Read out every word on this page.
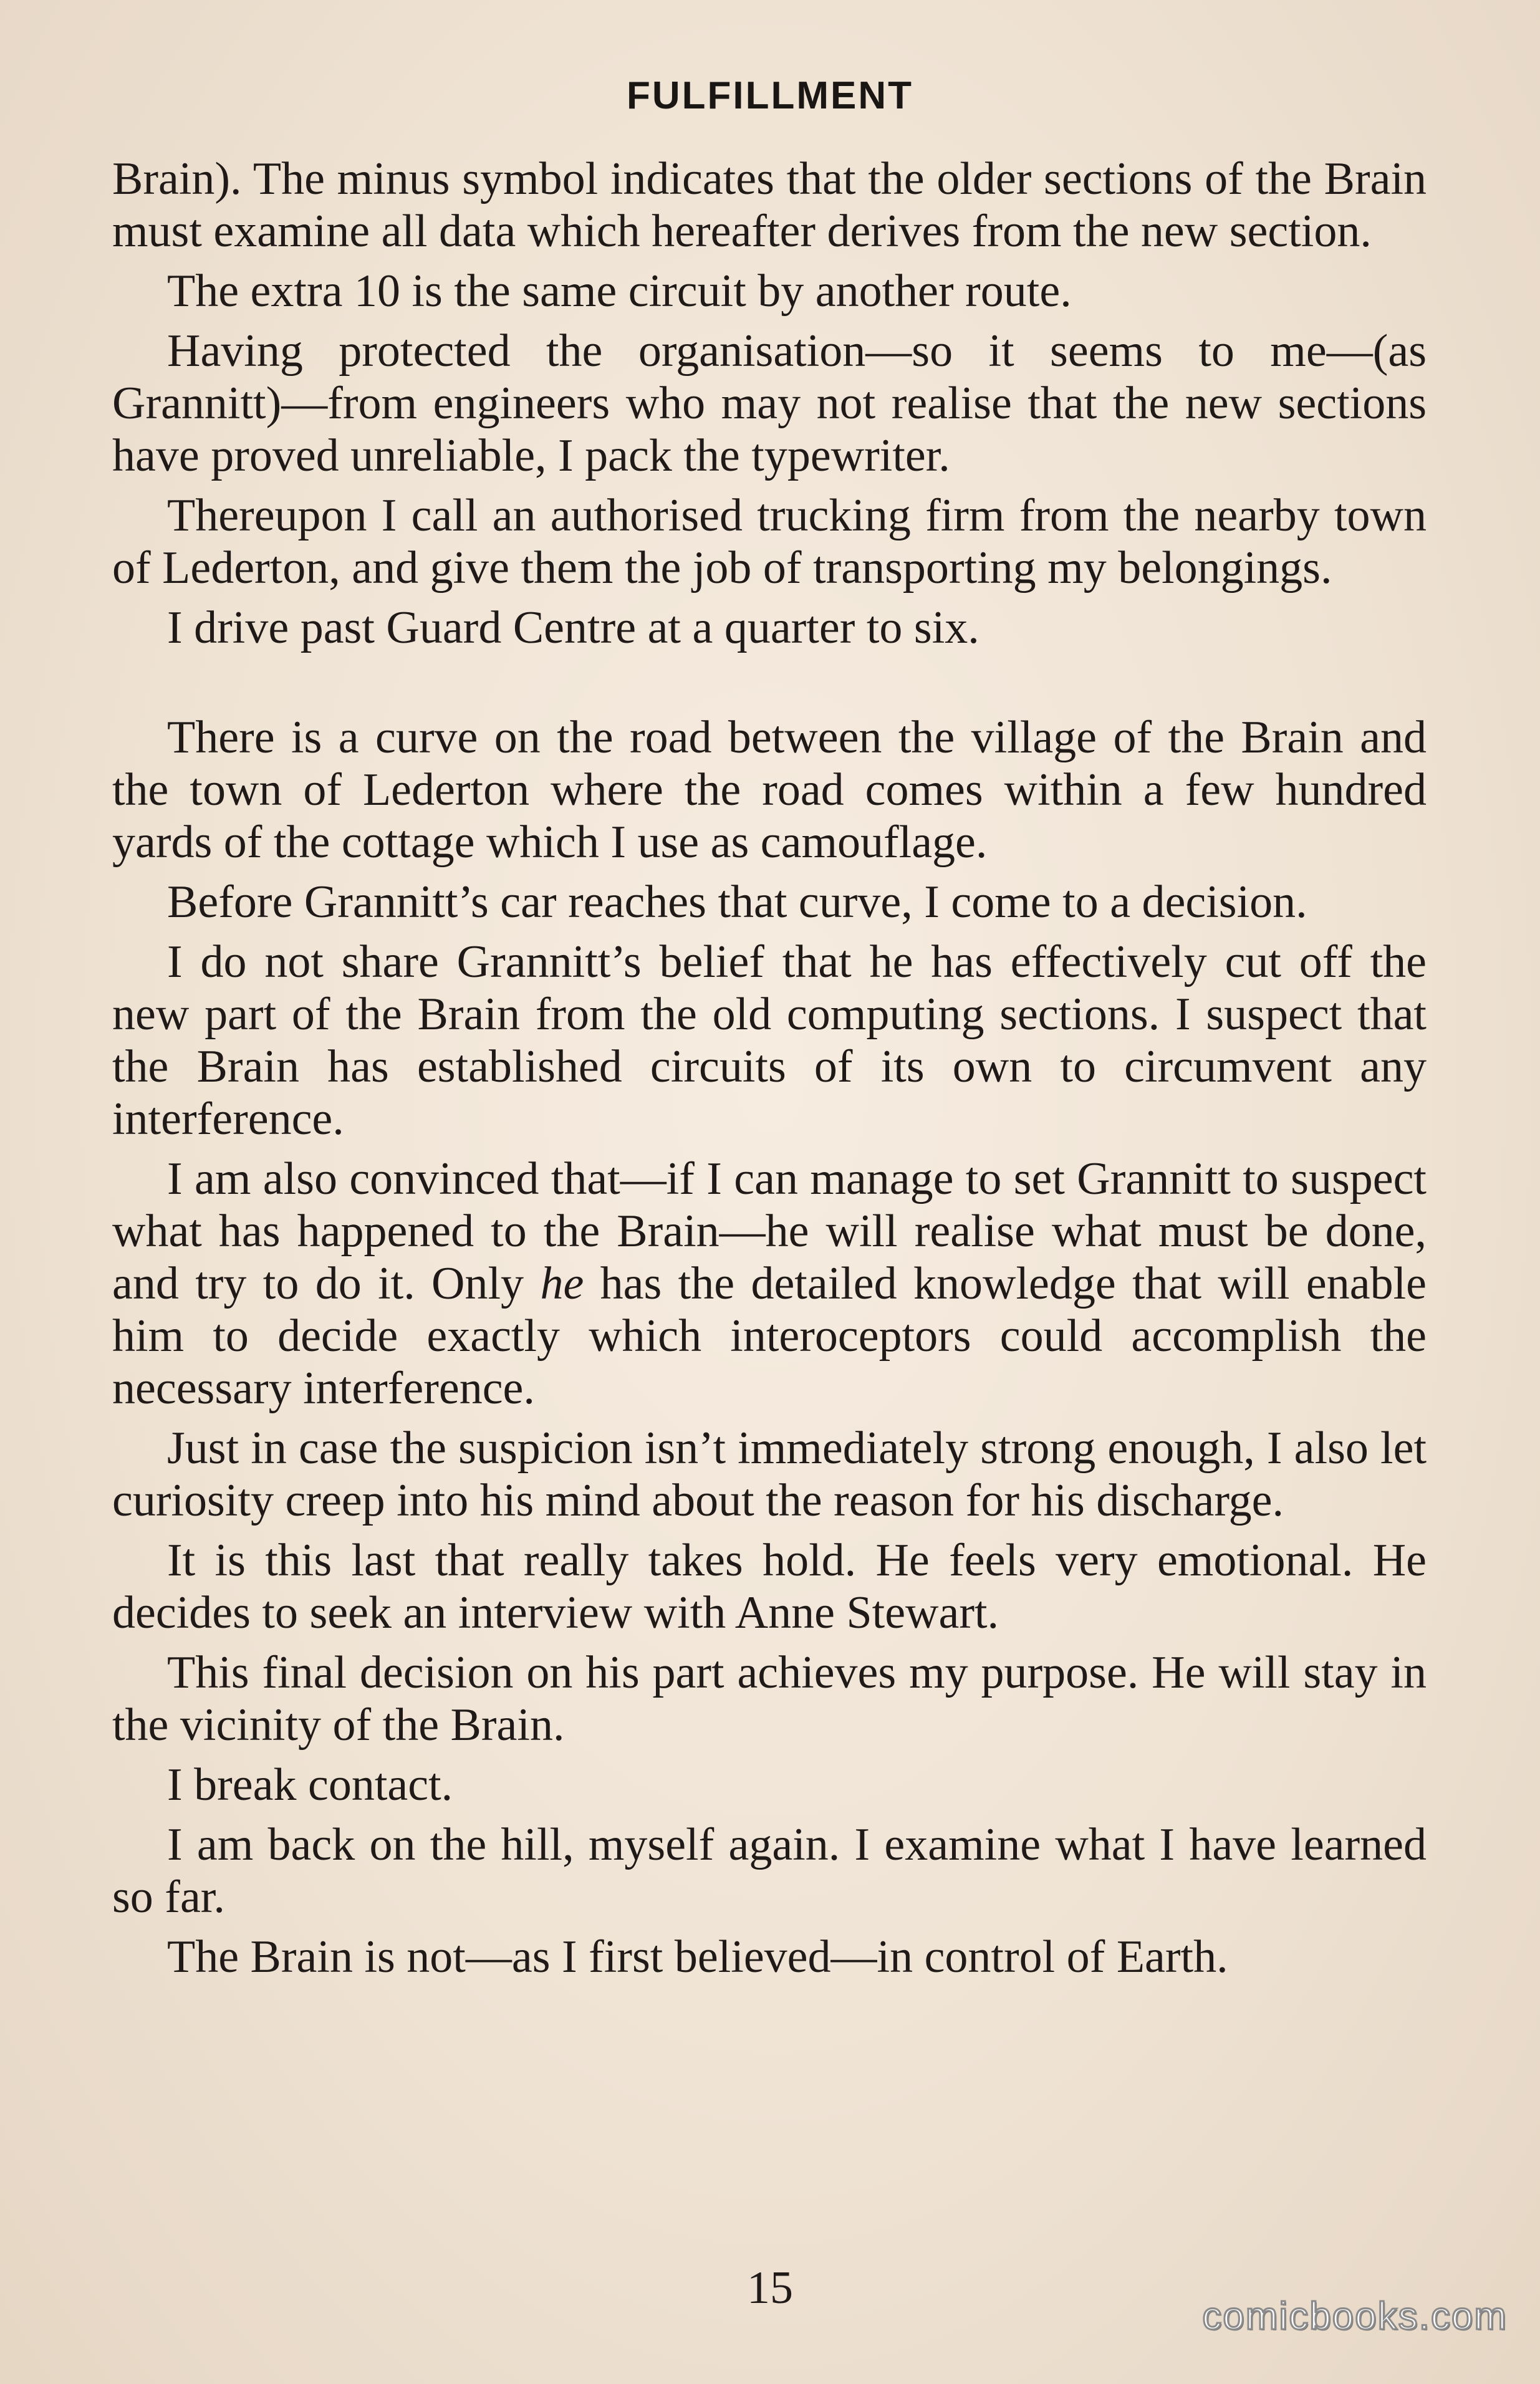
FULFILLMENT

Brain). The minus symbol indicates that the older sections of the Brain must examine all data which hereafter derives from the new section.

The extra 10 is the same circuit by another route.

Having protected the organisation—so it seems to me—(as Grannitt)—from engineers who may not realise that the new sections have proved unreliable, I pack the typewriter.

Thereupon I call an authorised trucking firm from the nearby town of Lederton, and give them the job of transporting my belongings.

I drive past Guard Centre at a quarter to six.

There is a curve on the road between the village of the Brain and the town of Lederton where the road comes within a few hundred yards of the cottage which I use as camouflage.

Before Grannitt’s car reaches that curve, I come to a decision.

I do not share Grannitt’s belief that he has effectively cut off the new part of the Brain from the old computing sections. I suspect that the Brain has established circuits of its own to circumvent any interference.

I am also convinced that—if I can manage to set Grannitt to suspect what has happened to the Brain—he will realise what must be done, and try to do it. Only he has the detailed knowledge that will enable him to decide exactly which interoceptors could accomplish the necessary interference.

Just in case the suspicion isn’t immediately strong enough, I also let curiosity creep into his mind about the reason for his discharge.

It is this last that really takes hold. He feels very emotional. He decides to seek an interview with Anne Stewart.

This final decision on his part achieves my purpose. He will stay in the vicinity of the Brain.

I break contact.

I am back on the hill, myself again. I examine what I have learned so far.

The Brain is not—as I first believed—in control of Earth.

15
comicbooks.com
